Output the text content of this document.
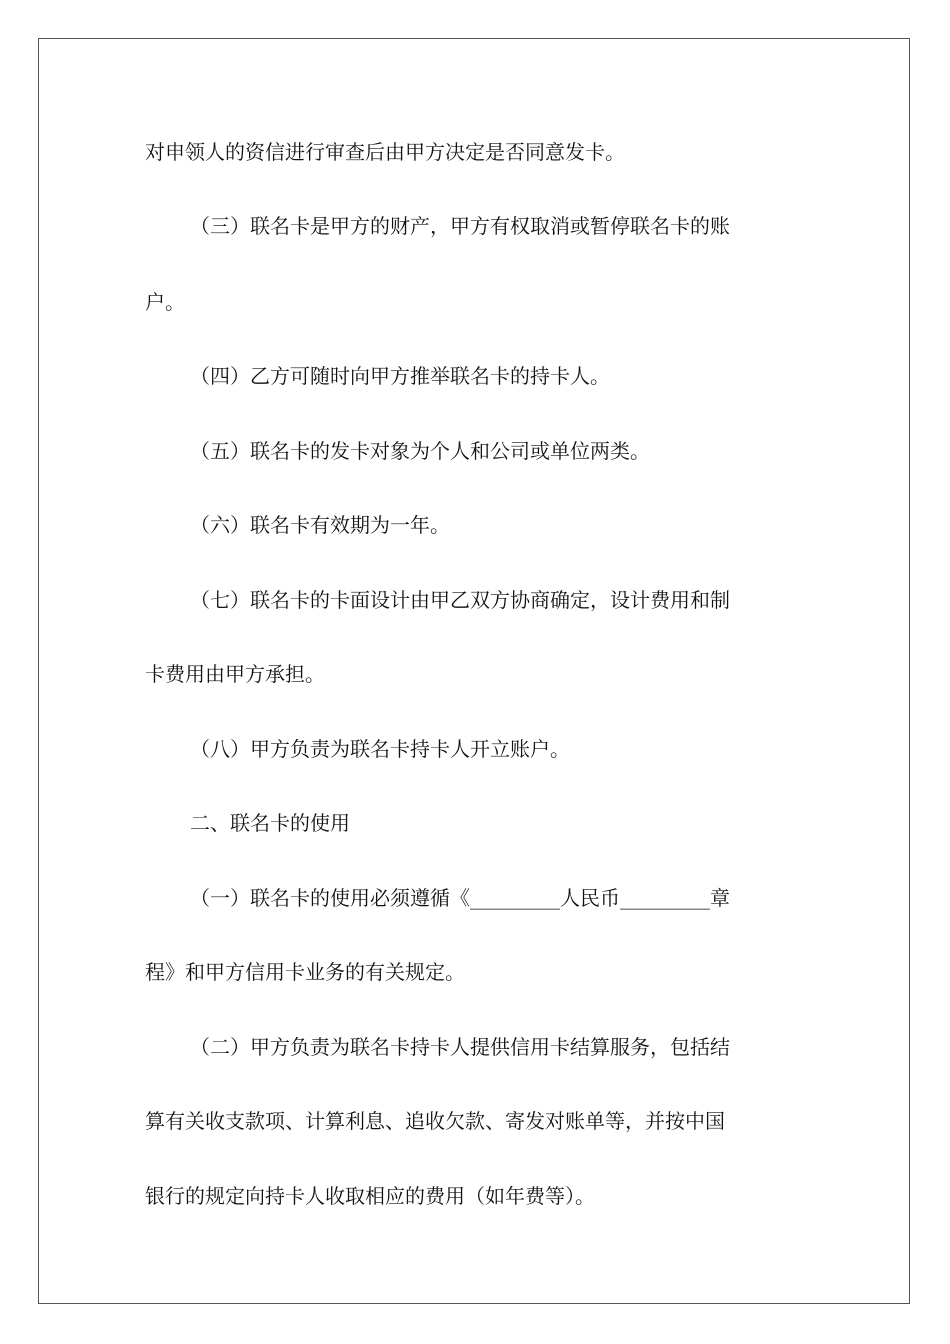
对申领人的资信进行审查后由甲方决定是否同意发卡。
（三）联名卡是甲方的财产，甲方有权取消或暂停联名卡的账
户。
（四）乙方可随时向甲方推举联名卡的持卡人。
（五）联名卡的发卡对象为个人和公司或单位两类。
（六）联名卡有效期为一年。
（七）联名卡的卡面设计由甲乙双方协商确定，设计费用和制
卡费用由甲方承担。
（八）甲方负责为联名卡持卡人开立账户。
二、联名卡的使用
（一）联名卡的使用必须遵循《_________人民币_________章
程》和甲方信用卡业务的有关规定。
（二）甲方负责为联名卡持卡人提供信用卡结算服务，包括结
算有关收支款项、计算利息、追收欠款、寄发对账单等，并按中国
银行的规定向持卡人收取相应的费用（如年费等）。
